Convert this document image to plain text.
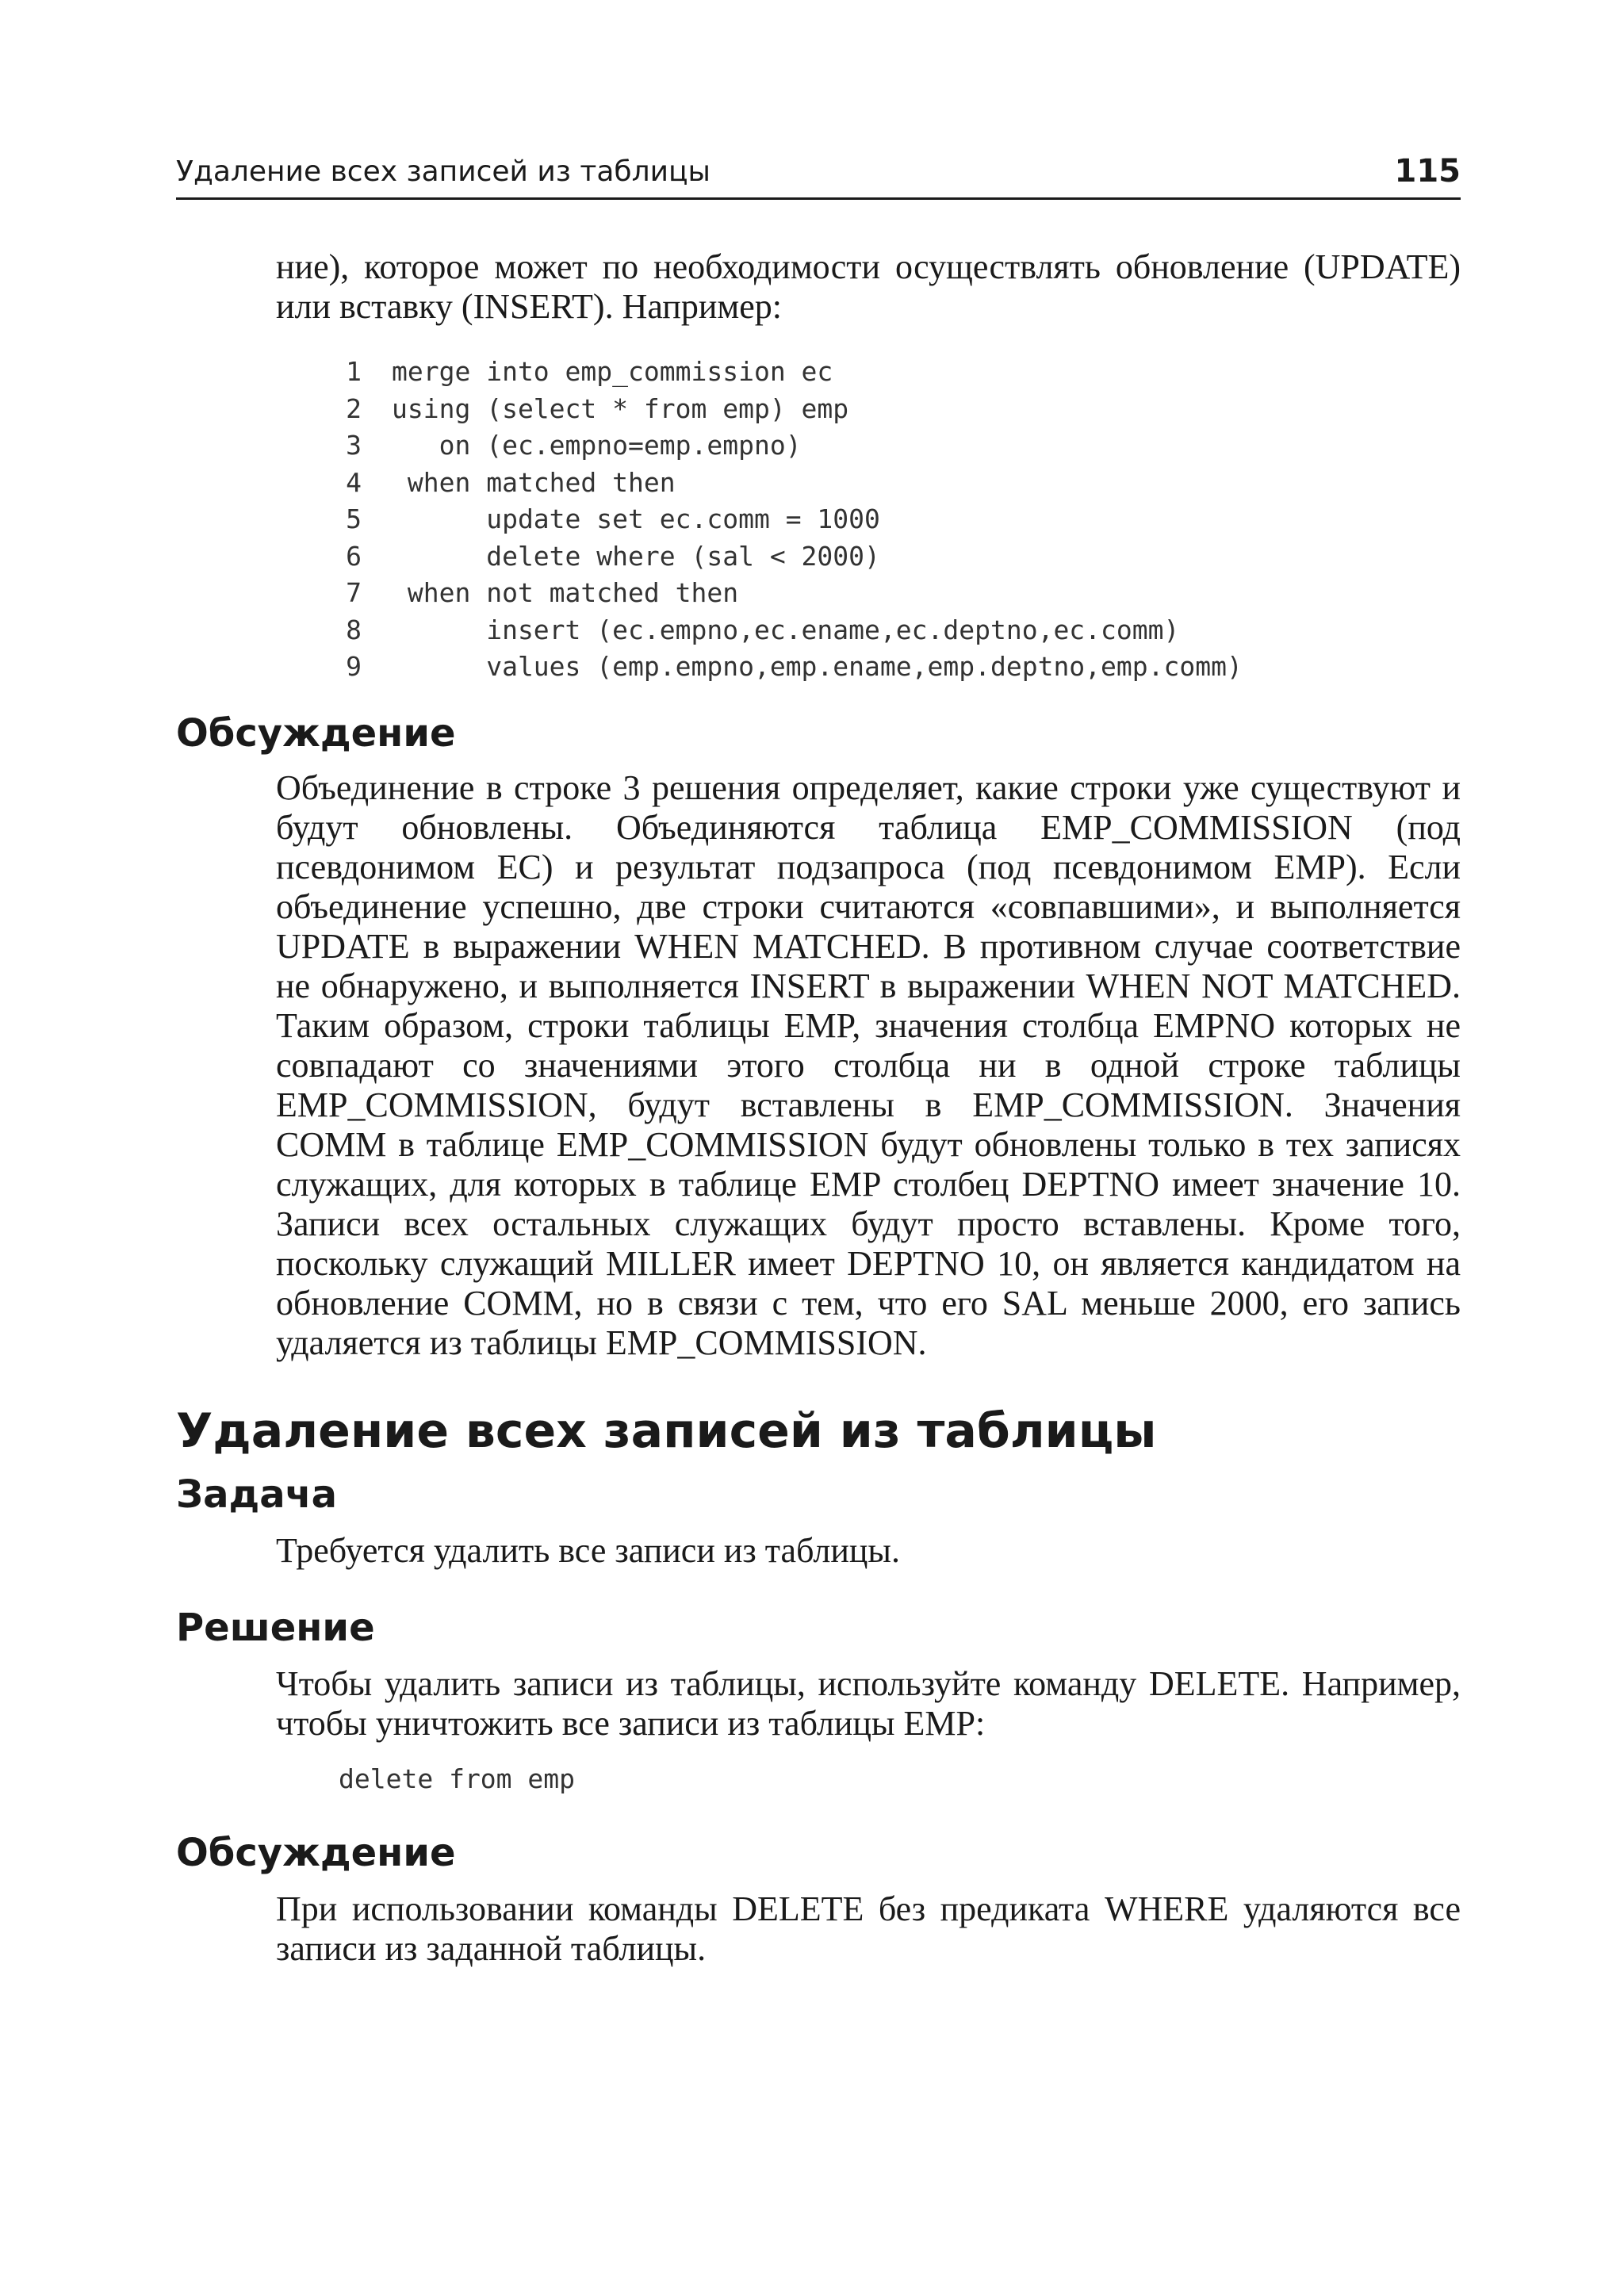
Удаление всех записей из таблицы	115

ние), которое может по необходимости осуществлять обновление (UPDATE) или вставку (INSERT). Например:

1 merge into emp_commission ec
2 using (select * from emp) emp
3 on (ec.empno=emp.empno)
4 when matched then
5 update set ec.comm = 1000
6 delete where (sal < 2000)
7 when not matched then
8 insert (ec.empno,ec.ename,ec.deptno,ec.comm)
9 values (emp.empno,emp.ename,emp.deptno,emp.comm)
Обсуждение

Объединение в строке 3 решения определяет, какие строки уже существуют и будут обновлены. Объединяются таблица EMP_COMMISSION (под псевдонимом EC) и результат подзапроса (под псевдонимом EMP). Если объединение успешно, две строки считаются «совпавшими», и выполняется UPDATE в выражении WHEN MATCHED. В противном случае соответствие не обнаружено, и выполняется INSERT в выражении WHEN NOT MATCHED. Таким образом, строки таблицы EMP, значения столбца EMPNO которых не совпадают со значениями этого столбца ни в одной строке таблицы EMP_COMMISSION, будут вставлены в EMP_COMMISSION. Значения COMM в таблице EMP_COMMISSION будут обновлены только в тех записях служащих, для которых в таблице EMP столбец DEPTNO имеет значение 10. Записи всех остальных служащих будут просто вставлены. Кроме того, поскольку служащий MILLER имеет DEPTNO 10, он является кандидатом на обновление COMM, но в связи с тем, что его SAL меньше 2000, его запись удаляется из таблицы EMP_COMMISSION.

Удаление всех записей из таблицы
Задача

Требуется удалить все записи из таблицы.

Решение

Чтобы удалить записи из таблицы, используйте команду DELETE. Например, чтобы уничтожить все записи из таблицы EMP:

delete from emp
Обсуждение

При использовании команды DELETE без предиката WHERE удаляются все записи из заданной таблицы.
